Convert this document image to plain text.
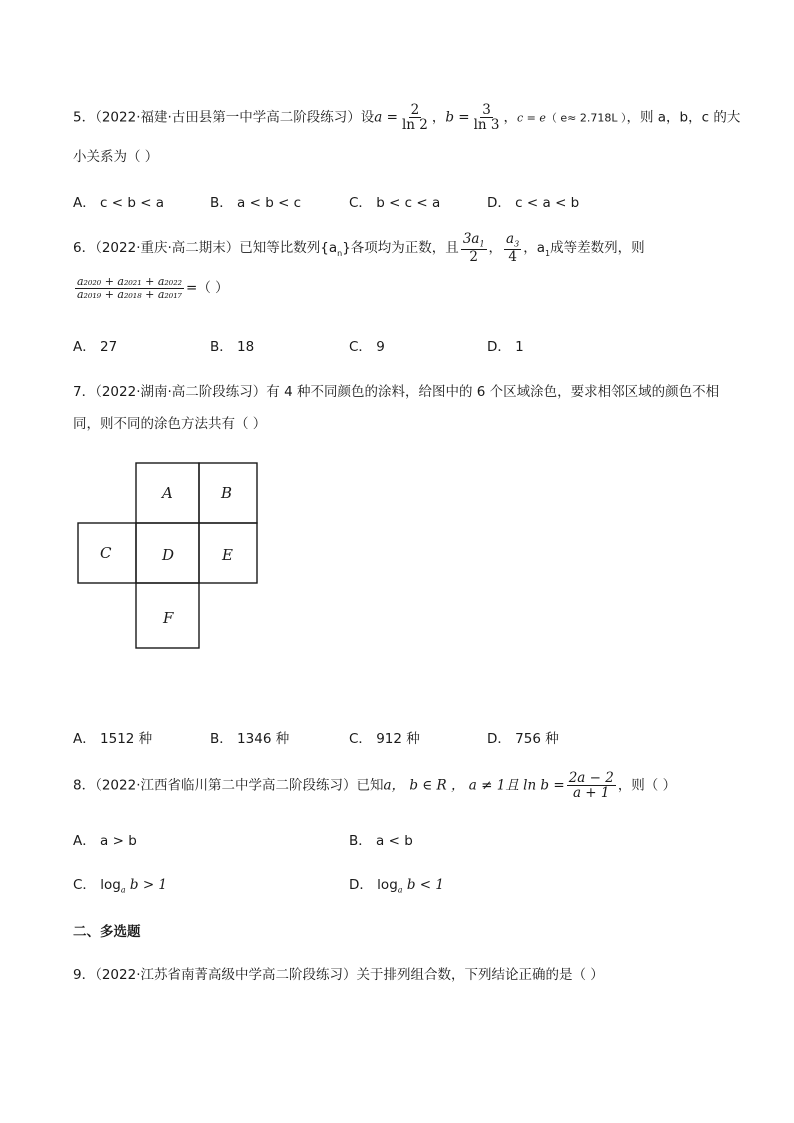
5．（2022·福建·古田县第一中学高二阶段练习）设$a = \frac{2}{\ln 2}$ ，$b = \frac{3}{\ln 3}$ ，c = e（ e≈ 2.718L ），则 a，b，c 的大
小关系为（ ）
A． c < b < a	B． a < b < c	C． b < c < a	D． c < a < b
6．（2022·重庆·高二期末）已知等比数列$\{a_n\}$各项均为正数，且 $\frac{3a_1}{2}$ ， $\frac{a_3}{4}$ ，$a_1$成等差数列，则
$\frac{\text{a₂₀₂₀ + a₂₀₂₁ + a₂₀₂₂}}{\text{a₂₀₁₉ + a₂₀₁₈ + a₂₀₁₇}}$ =（ ）
A． 27	B． 18	C． 9	D． 1
7．（2022·湖南·高二阶段练习）有 4 种不同颜色的涂料，给图中的 6 个区域涂色，要求相邻区域的颜色不相
同，则不同的涂色方法共有（ ）
A	B
C	D	E
F
A． 1512 种	B． 1346 种	C． 912 种	D． 756 种
8．（2022·江西省临川第二中学高二阶段练习）已知a， b ∈ R ， a ≠ 1且 $\ln b = \frac{2a - 2}{a + 1}$ ，则（ ）
A． a > b	B． a < b
C． $\log_a b > 1$	D． $\log_a b < 1$
二、多选题
9．（2022·江苏省南菁高级中学高二阶段练习）关于排列组合数，下列结论正确的是（ ）
